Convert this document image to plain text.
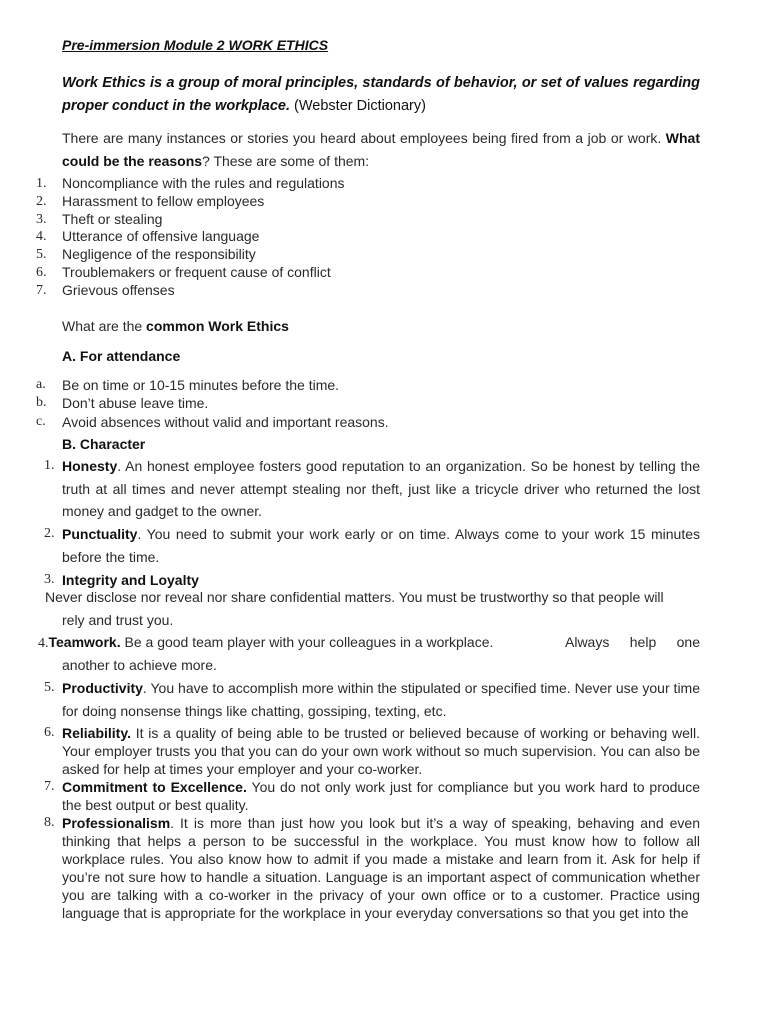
Pre-immersion Module 2 WORK ETHICS
Work Ethics is a group of moral principles, standards of behavior, or set of values regarding proper conduct in the workplace. (Webster Dictionary)
There are many instances or stories you heard about employees being fired from a job or work. What could be the reasons? These are some of them:
1.	Noncompliance with the rules and regulations
2.	Harassment to fellow employees
3.	Theft or stealing
4.	Utterance of offensive language
5.	Negligence of the responsibility
6.	Troublemakers or frequent cause of conflict
7.	Grievous offenses
What are the common Work Ethics
A. For attendance
a.	Be on time or 10-15 minutes before the time.
b.	Don’t abuse leave time.
c.	Avoid absences without valid and important reasons.
B. Character
1. Honesty. An honest employee fosters good reputation to an organization. So be honest by telling the truth at all times and never attempt stealing nor theft, just like a tricycle driver who returned the lost money and gadget to the owner.
2. Punctuality. You need to submit your work early or on time. Always come to your work 15 minutes before the time.
3. Integrity and Loyalty
Never disclose nor reveal nor share confidential matters. You must be trustworthy so that people will
rely and trust you.
4.Teamwork. Be a good team player with your colleagues in a workplace.	Always help one
another to achieve more.
5. Productivity. You have to accomplish more within the stipulated or specified time. Never use your time for doing nonsense things like chatting, gossiping, texting, etc.
6. Reliability. It is a quality of being able to be trusted or believed because of working or behaving well. Your employer trusts you that you can do your own work without so much supervision. You can also be asked for help at times your employer and your co-worker.
7. Commitment to Excellence. You do not only work just for compliance but you work hard to produce the best output or best quality.
8. Professionalism. It is more than just how you look but it’s a way of speaking, behaving and even thinking that helps a person to be successful in the workplace. You must know how to follow all workplace rules. You also know how to admit if you made a mistake and learn from it. Ask for help if you’re not sure how to handle a situation. Language is an important aspect of communication whether you are talking with a co-worker in the privacy of your own office or to a customer. Practice using language that is appropriate for the workplace in your everyday conversations so that you get into the
